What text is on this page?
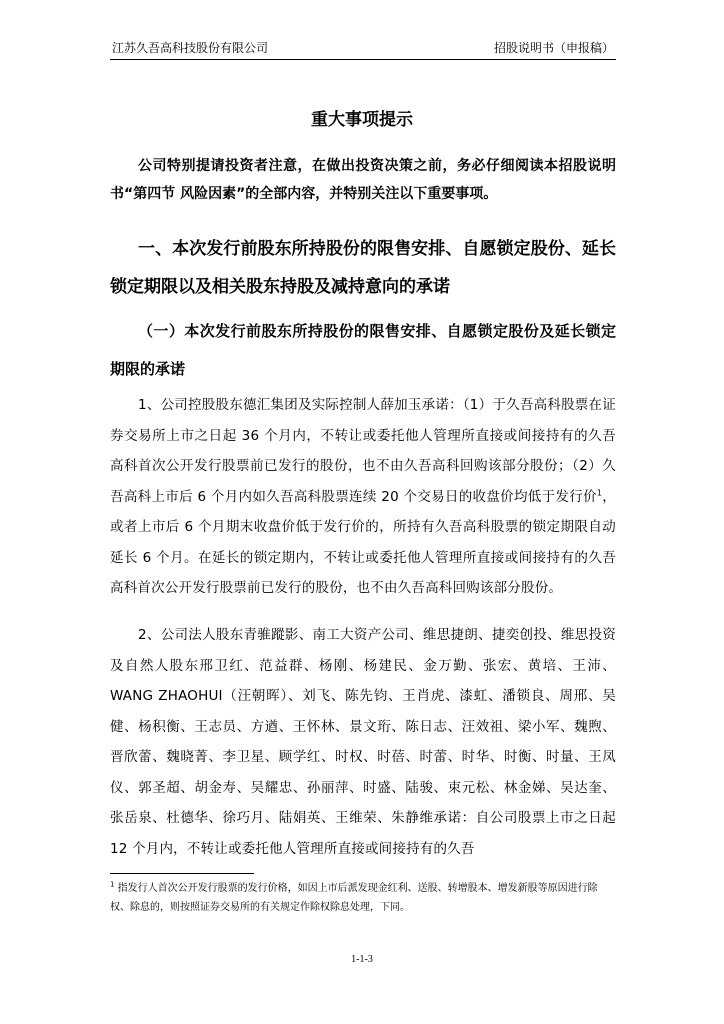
江苏久吾高科技股份有限公司	招股说明书（申报稿）
重大事项提示

公司特别提请投资者注意，在做出投资决策之前，务必仔细阅读本招股说明书“第四节 风险因素”的全部内容，并特别关注以下重要事项。

一、本次发行前股东所持股份的限售安排、自愿锁定股份、延长锁定期限以及相关股东持股及减持意向的承诺

（一）本次发行前股东所持股份的限售安排、自愿锁定股份及延长锁定期限的承诺

1、公司控股股东德汇集团及实际控制人薛加玉承诺：（1）于久吾高科股票在证券交易所上市之日起 36 个月内，不转让或委托他人管理所直接或间接持有的久吾高科首次公开发行股票前已发行的股份，也不由久吾高科回购该部分股份；（2）久吾高科上市后 6 个月内如久吾高科股票连续 20 个交易日的收盘价均低于发行价$^1$，或者上市后 6 个月期末收盘价低于发行价的，所持有久吾高科股票的锁定期限自动延长 6 个月。在延长的锁定期内，不转让或委托他人管理所直接或间接持有的久吾高科首次公开发行股票前已发行的股份，也不由久吾高科回购该部分股份。

2、公司法人股东青骓蹤影、南工大资产公司、维思捷朗、捷奕创投、维思投资及自然人股东邢卫红、范益群、杨刚、杨建民、金万勤、张宏、黄培、王沛、WANG ZHAOHUI（汪朝晖）、刘飞、陈先钧、王肖虎、漆虹、潘锁良、周邢、吴健、杨积衡、王志员、方遒、王怀林、景文珩、陈日志、汪效祖、梁小军、魏煦、晋欣蕾、魏晓菁、李卫星、顾学红、时权、时蓓、时蕾、时华、时衡、时量、王凤仪、郭圣超、胡金寿、吴耀忠、孙丽萍、时盛、陆骏、束元松、林金娣、吴达奎、张岳泉、杜德华、徐巧月、陆娟英、王维荣、朱静维承诺：自公司股票上市之日起 12 个月内，不转让或委托他人管理所直接或间接持有的久吾

$^1$ 指发行人首次公开发行股票的发行价格，如因上市后派发现金红利、送股、转增股本、增发新股等原因进行除权、除息的，则按照证券交易所的有关规定作除权除息处理，下同。

1-1-3
